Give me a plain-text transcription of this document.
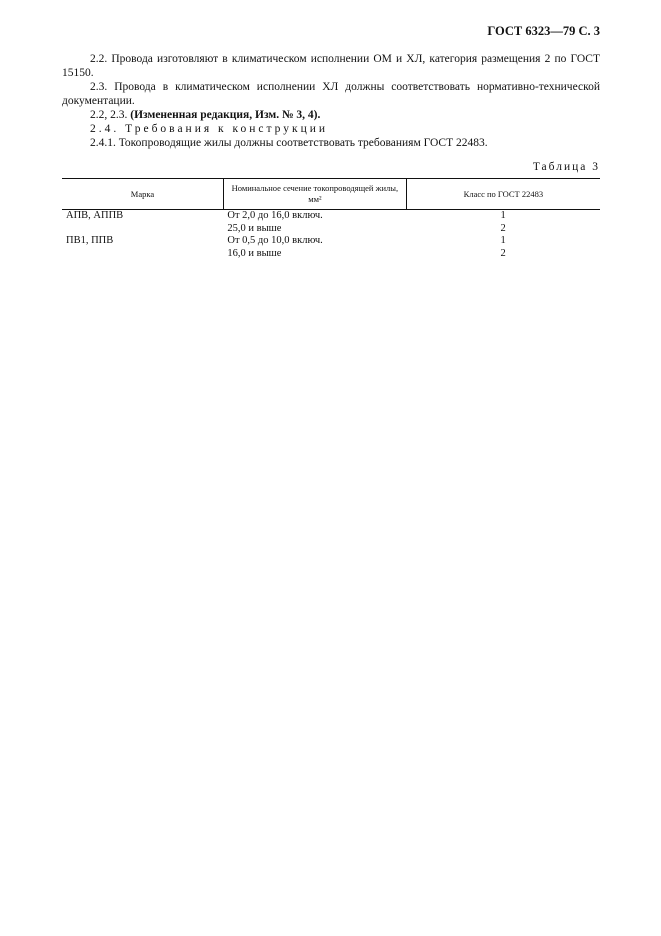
ГОСТ 6323—79 С. 3

2.2. Провода изготовляют в климатическом исполнении ОМ и ХЛ, категория размещения 2 по ГОСТ 15150.

2.3. Провода в климатическом исполнении ХЛ должны соответствовать нормативно-технической документации.

2.2, 2.3. (Измененная редакция, Изм. № 3, 4).

2.4. Требования к конструкции

2.4.1. Токопроводящие жилы должны соответствовать требованиям ГОСТ 22483.

Таблица 3
Марка	Номинальное сечение токопроводящей жилы, мм²	Класс по ГОСТ 22483
АПВ, АППВ	От 2,0 до 16,0 включ.	1
	25,0 и выше	2
ПВ1, ППВ	От 0,5 до 10,0 включ.	1
	16,0 и выше	2
